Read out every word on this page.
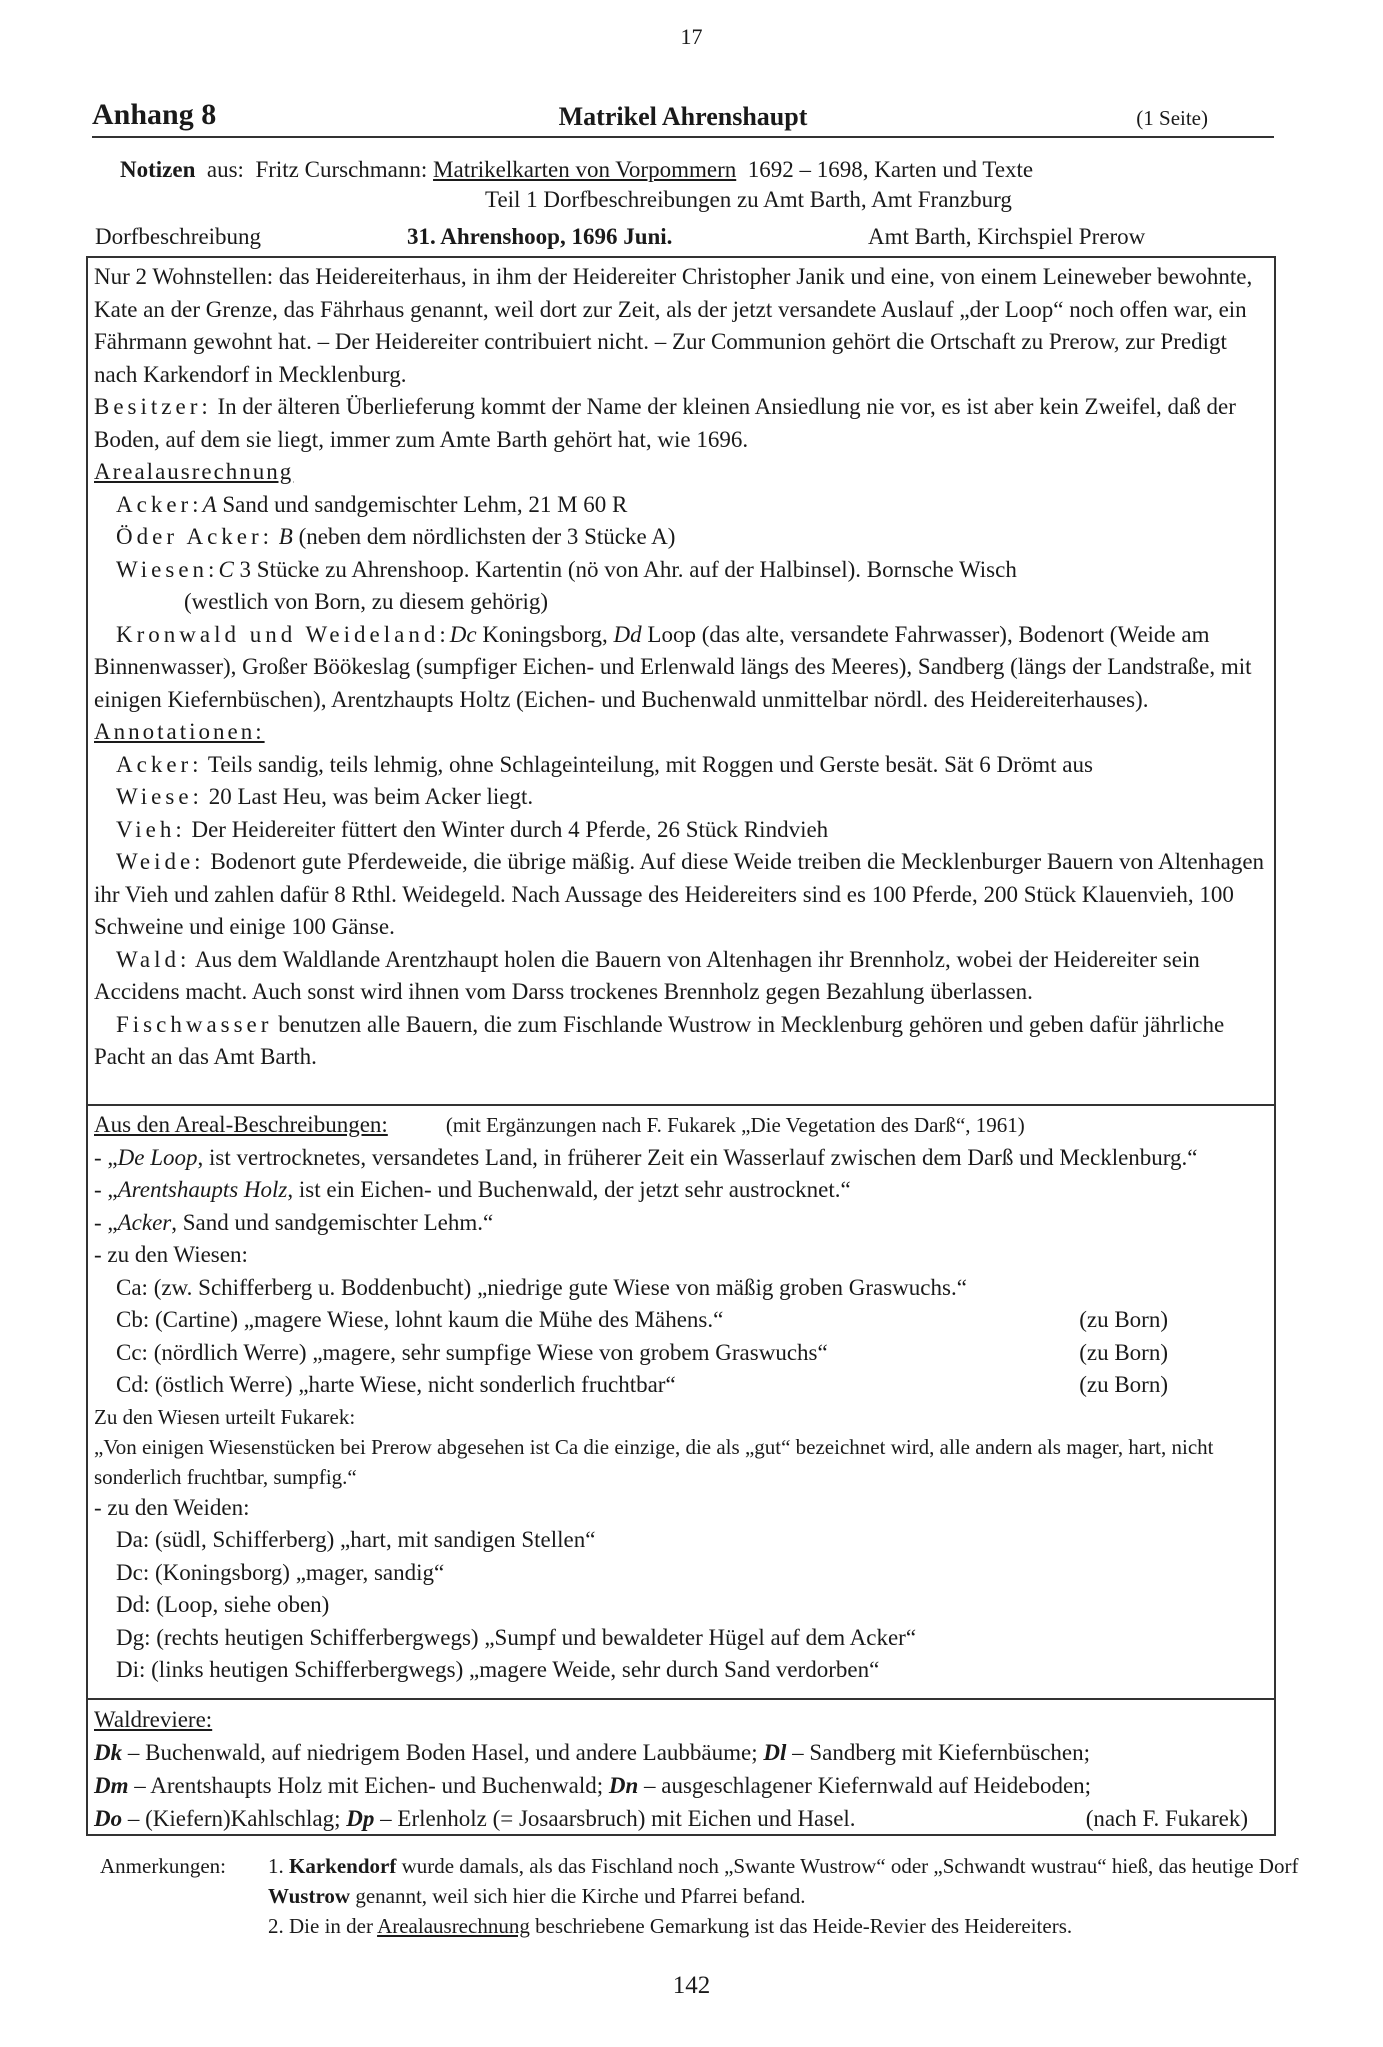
17
Anhang 8	Matrikel Ahrenshaupt	(1 Seite)
Notizen aus: Fritz Curschmann: Matrikelkarten von Vorpommern 1692 – 1698, Karten und Texte
Teil 1 Dorfbeschreibungen zu Amt Barth, Amt Franzburg
Dorfbeschreibung	31. Ahrenshoop, 1696 Juni.	Amt Barth, Kirchspiel Prerow

Nur 2 Wohnstellen: das Heidereiterhaus, in ihm der Heidereiter Christopher Janik und eine, von einem Leineweber bewohnte, Kate an der Grenze, das Fährhaus genannt, weil dort zur Zeit, als der jetzt versandete Auslauf „der Loop“ noch offen war, ein Fährmann gewohnt hat. – Der Heidereiter contribuiert nicht. – Zur Communion gehört die Ortschaft zu Prerow, zur Predigt nach Karkendorf in Mecklenburg.

Besitzer: In der älteren Überlieferung kommt der Name der kleinen Ansiedlung nie vor, es ist aber kein Zweifel, daß der Boden, auf dem sie liegt, immer zum Amte Barth gehört hat, wie 1696.

Arealausrechnung

Acker:A Sand und sandgemischter Lehm, 21 M 60 R

Öder Acker: B (neben dem nördlichsten der 3 Stücke A)

Wiesen:C 3 Stücke zu Ahrenshoop. Kartentin (nö von Ahr. auf der Halbinsel). Bornsche Wisch

(westlich von Born, zu diesem gehörig)

Kronwald und Weideland:Dc Koningsborg, Dd Loop (das alte, versandete Fahrwasser), Bodenort (Weide am Binnenwasser), Großer Böökeslag (sumpfiger Eichen- und Erlenwald längs des Meeres), Sandberg (längs der Landstraße, mit einigen Kiefernbüschen), Arentzhaupts Holtz (Eichen- und Buchenwald unmittelbar nördl. des Heidereiterhauses).

Annotationen:

Acker: Teils sandig, teils lehmig, ohne Schlageinteilung, mit Roggen und Gerste besät. Sät 6 Drömt aus

Wiese: 20 Last Heu, was beim Acker liegt.

Vieh: Der Heidereiter füttert den Winter durch 4 Pferde, 26 Stück Rindvieh

Weide: Bodenort gute Pferdeweide, die übrige mäßig. Auf diese Weide treiben die Mecklenburger Bauern von Altenhagen ihr Vieh und zahlen dafür 8 Rthl. Weidegeld. Nach Aussage des Heidereiters sind es 100 Pferde, 200 Stück Klauenvieh, 100 Schweine und einige 100 Gänse.

Wald: Aus dem Waldlande Arentzhaupt holen die Bauern von Altenhagen ihr Brennholz, wobei der Heidereiter sein Accidens macht. Auch sonst wird ihnen vom Darss trockenes Brennholz gegen Bezahlung überlassen.

Fischwasser benutzen alle Bauern, die zum Fischlande Wustrow in Mecklenburg gehören und geben dafür jährliche Pacht an das Amt Barth.

Aus den Areal-Beschreibungen:	(mit Ergänzungen nach F. Fukarek „Die Vegetation des Darß“, 1961)

- „De Loop, ist vertrocknetes, versandetes Land, in früherer Zeit ein Wasserlauf zwischen dem Darß und Mecklenburg.“

- „Arentshaupts Holz, ist ein Eichen- und Buchenwald, der jetzt sehr austrocknet.“

- „Acker, Sand und sandgemischter Lehm.“

- zu den Wiesen:

Ca: (zw. Schifferberg u. Boddenbucht) „niedrige gute Wiese von mäßig groben Graswuchs.“

Cb: (Cartine) „magere Wiese, lohnt kaum die Mühe des Mähens.“	(zu Born)

Cc: (nördlich Werre) „magere, sehr sumpfige Wiese von grobem Graswuchs“	(zu Born)

Cd: (östlich Werre) „harte Wiese, nicht sonderlich fruchtbar“	(zu Born)

Zu den Wiesen urteilt Fukarek:

„Von einigen Wiesenstücken bei Prerow abgesehen ist Ca die einzige, die als „gut“ bezeichnet wird, alle andern als mager, hart, nicht sonderlich fruchtbar, sumpfig.“

- zu den Weiden:

Da: (südl, Schifferberg) „hart, mit sandigen Stellen“

Dc: (Koningsborg) „mager, sandig“

Dd: (Loop, siehe oben)

Dg: (rechts heutigen Schifferbergwegs) „Sumpf und bewaldeter Hügel auf dem Acker“

Di: (links heutigen Schifferbergwegs) „magere Weide, sehr durch Sand verdorben“

Waldreviere:

Dk – Buchenwald, auf niedrigem Boden Hasel, und andere Laubbäume; Dl – Sandberg mit Kiefernbüschen;

Dm – Arentshaupts Holz mit Eichen- und Buchenwald; Dn – ausgeschlagener Kiefernwald auf Heideboden;

Do – (Kiefern)Kahlschlag; Dp – Erlenholz (= Josaarsbruch) mit Eichen und Hasel.	(nach F. Fukarek)

Anmerkungen: 1. Karkendorf wurde damals, als das Fischland noch „Swante Wustrow“ oder „Schwandt wustrau“ hieß, das heutige Dorf Wustrow genannt, weil sich hier die Kirche und Pfarrei befand.
2. Die in der Arealausrechnung beschriebene Gemarkung ist das Heide-Revier des Heidereiters.
142
